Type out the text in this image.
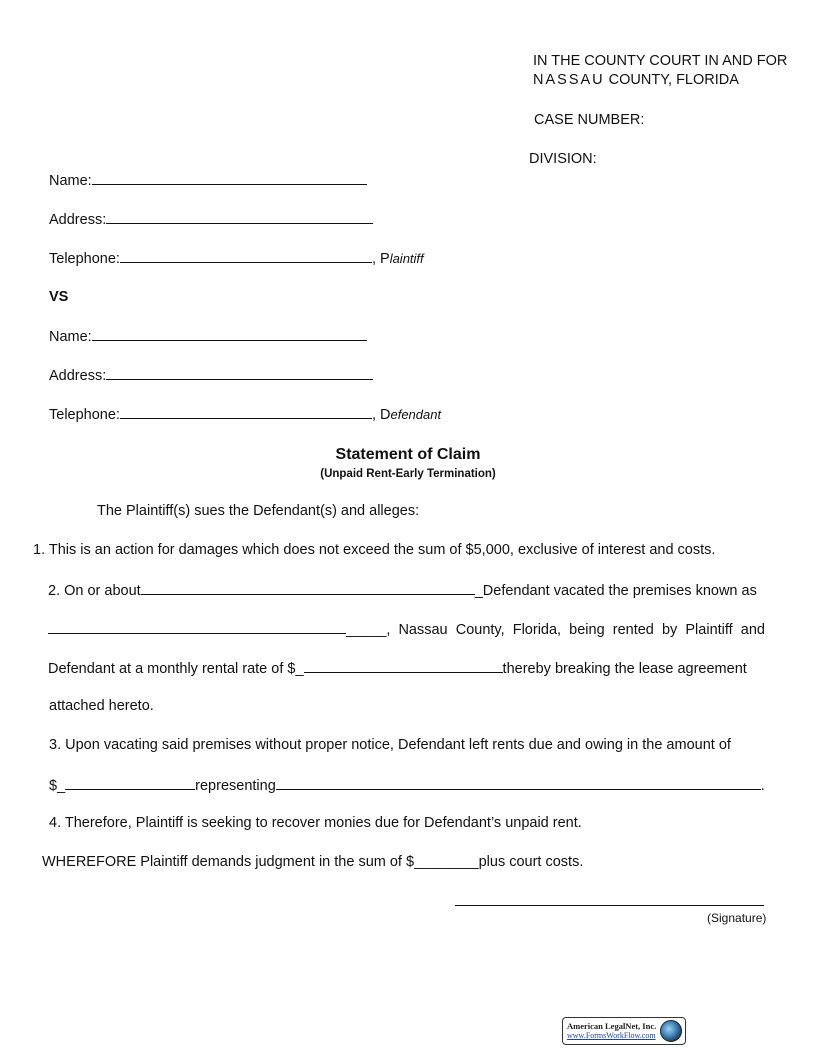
IN THE COUNTY COURT IN AND FOR
NASSAU COUNTY, FLORIDA
CASE NUMBER:
DIVISION:
Name:
Address:
Telephone:	, Plaintiff
VS
Name:
Address:
Telephone:	, Defendant
Statement of Claim
(Unpaid Rent-Early Termination)
The Plaintiff(s) sues the Defendant(s) and alleges:
1. This is an action for damages which does not exceed the sum of $5,000, exclusive of interest and costs.
2. On or about	_Defendant vacated the premises known as
_____, Nassau County, Florida, being rented by Plaintiff and
Defendant at a monthly rental rate of $_	thereby breaking the lease agreement
attached hereto.
3. Upon vacating said premises without proper notice, Defendant left rents due and owing in the amount of
$_	representing	.
4. Therefore, Plaintiff is seeking to recover monies due for Defendant’s unpaid rent.
WHEREFORE Plaintiff demands judgment in the sum of $________plus court costs.
(Signature)
American LegalNet, Inc.
www.FormsWorkFlow.com
